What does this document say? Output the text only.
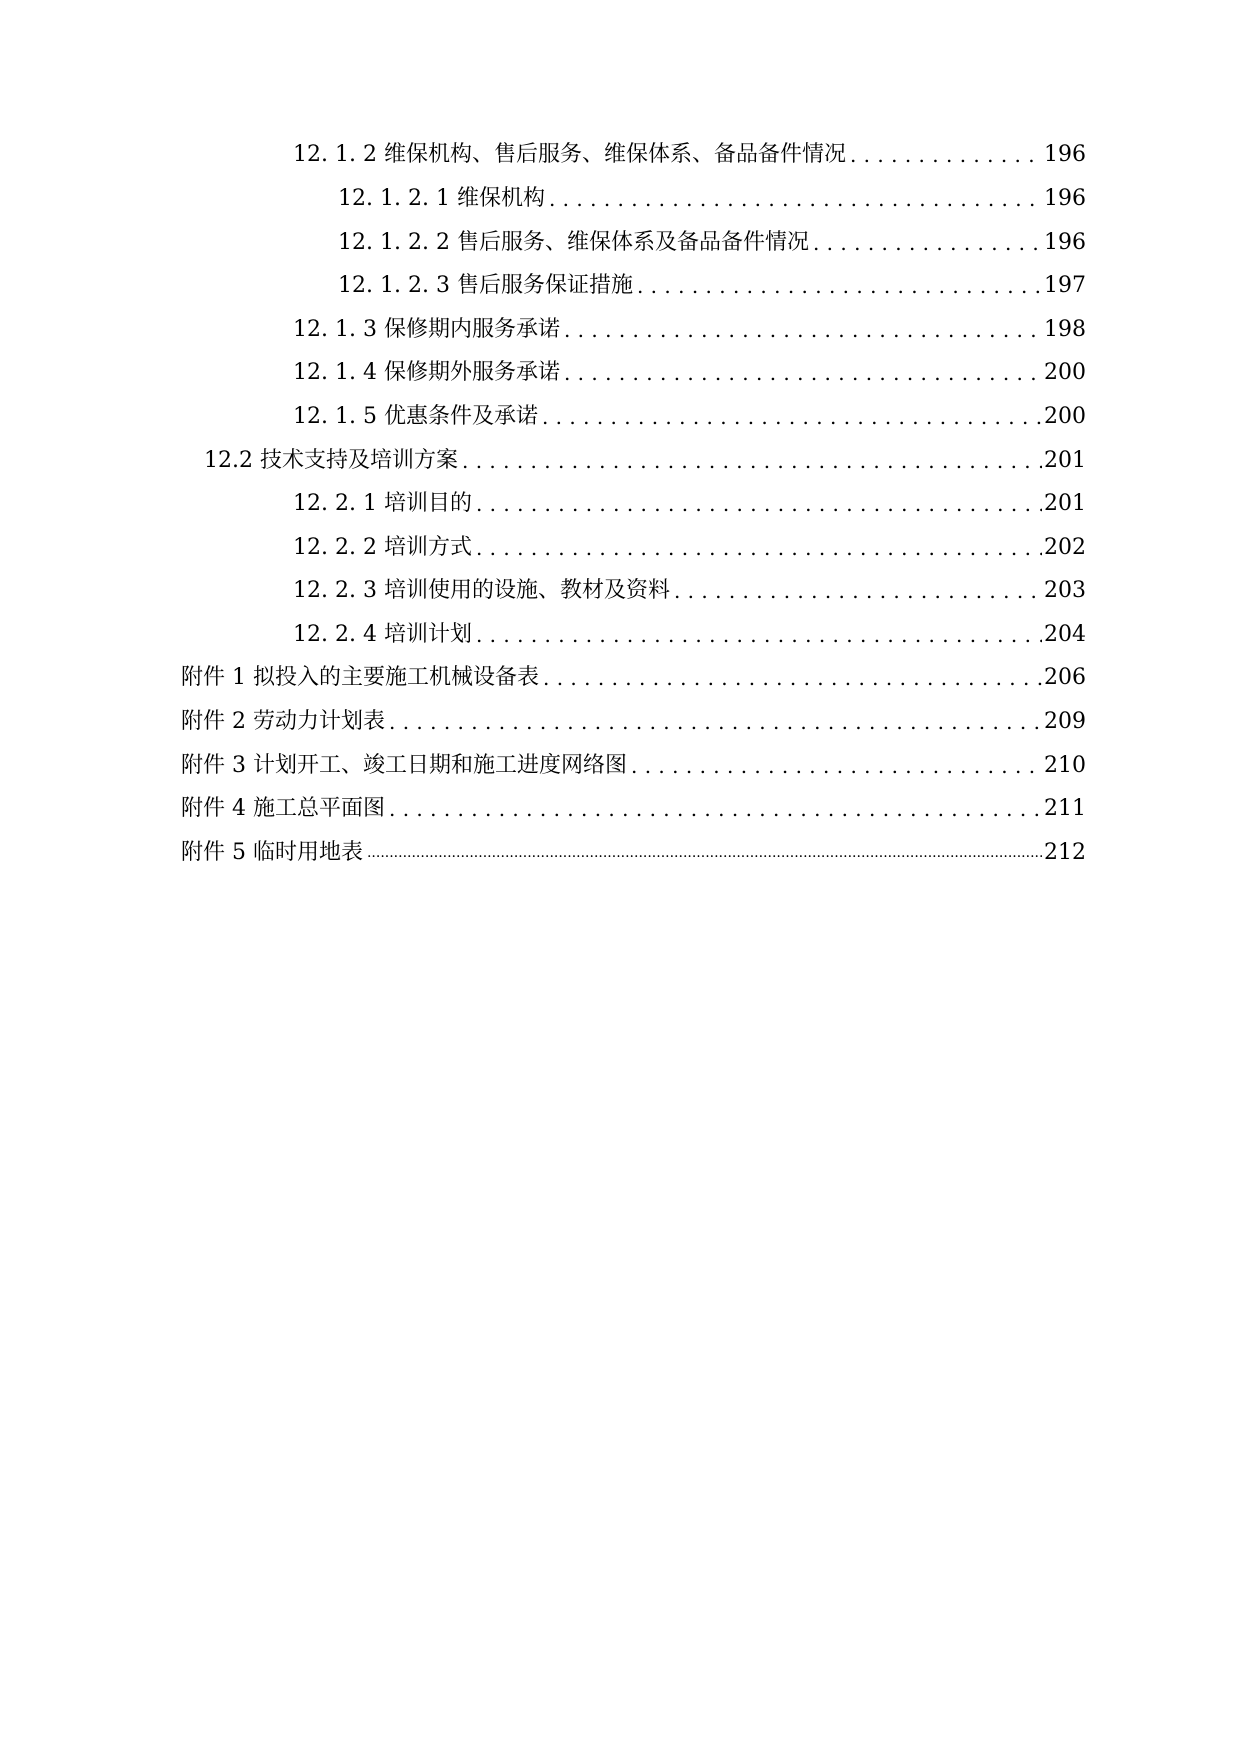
12. 1. 2 维保机构、售后服务、维保体系、备品备件情况 . . .	196
12. 1. 2. 1 维保机构 . . .	196
12. 1. 2. 2 售后服务、维保体系及备品备件情况 . . .	196
12. 1. 2. 3 售后服务保证措施 . . .	197
12. 1. 3 保修期内服务承诺 . . .	198
12. 1. 4 保修期外服务承诺 . . .	200
12. 1. 5 优惠条件及承诺 . . .	200
12.2 技术支持及培训方案 . . .	201
12. 2. 1 培训目的 . . .	201
12. 2. 2 培训方式 . . .	202
12. 2. 3 培训使用的设施、教材及资料 . . .	203
12. 2. 4 培训计划 . . .	204
附件 1 拟投入的主要施工机械设备表 . . .	206
附件 2 劳动力计划表 . . .	209
附件 3 计划开工、竣工日期和施工进度网络图 . . .	210
附件 4 施工总平面图 . . .	211
附件 5 临时用地表 .....	212
